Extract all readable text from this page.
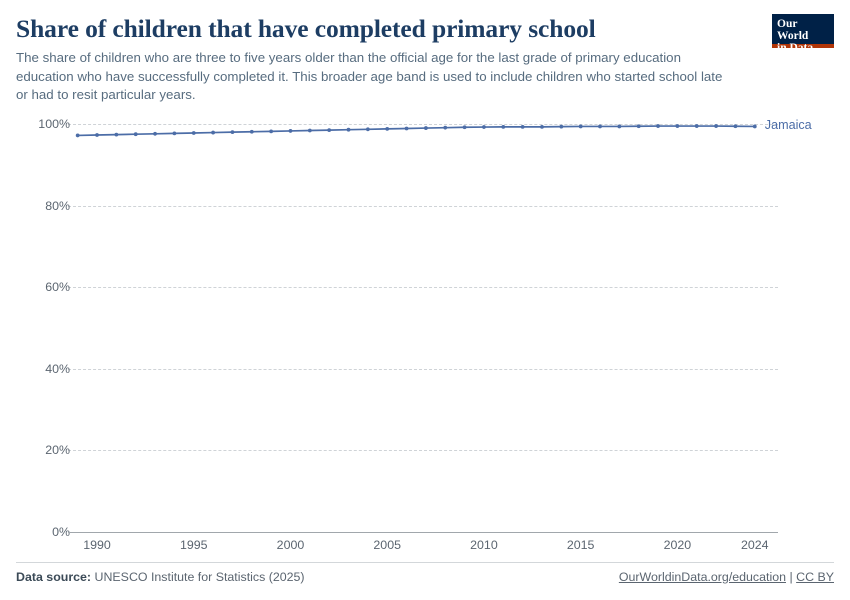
Share of children that have completed primary school

The share of children who are three to five years older than the official age for the last grade of primary education education who have successfully completed it. This broader age band is used to include children who started school late or had to resit particular years.

Our World
in Data
0%
20%
40%
60%
80%
100%
1990	1995	2000	2005	2010	2015	2020	2024
Jamaica
Data source: UNESCO Institute for Statistics (2025)	OurWorldinData.org/education | CC BY
